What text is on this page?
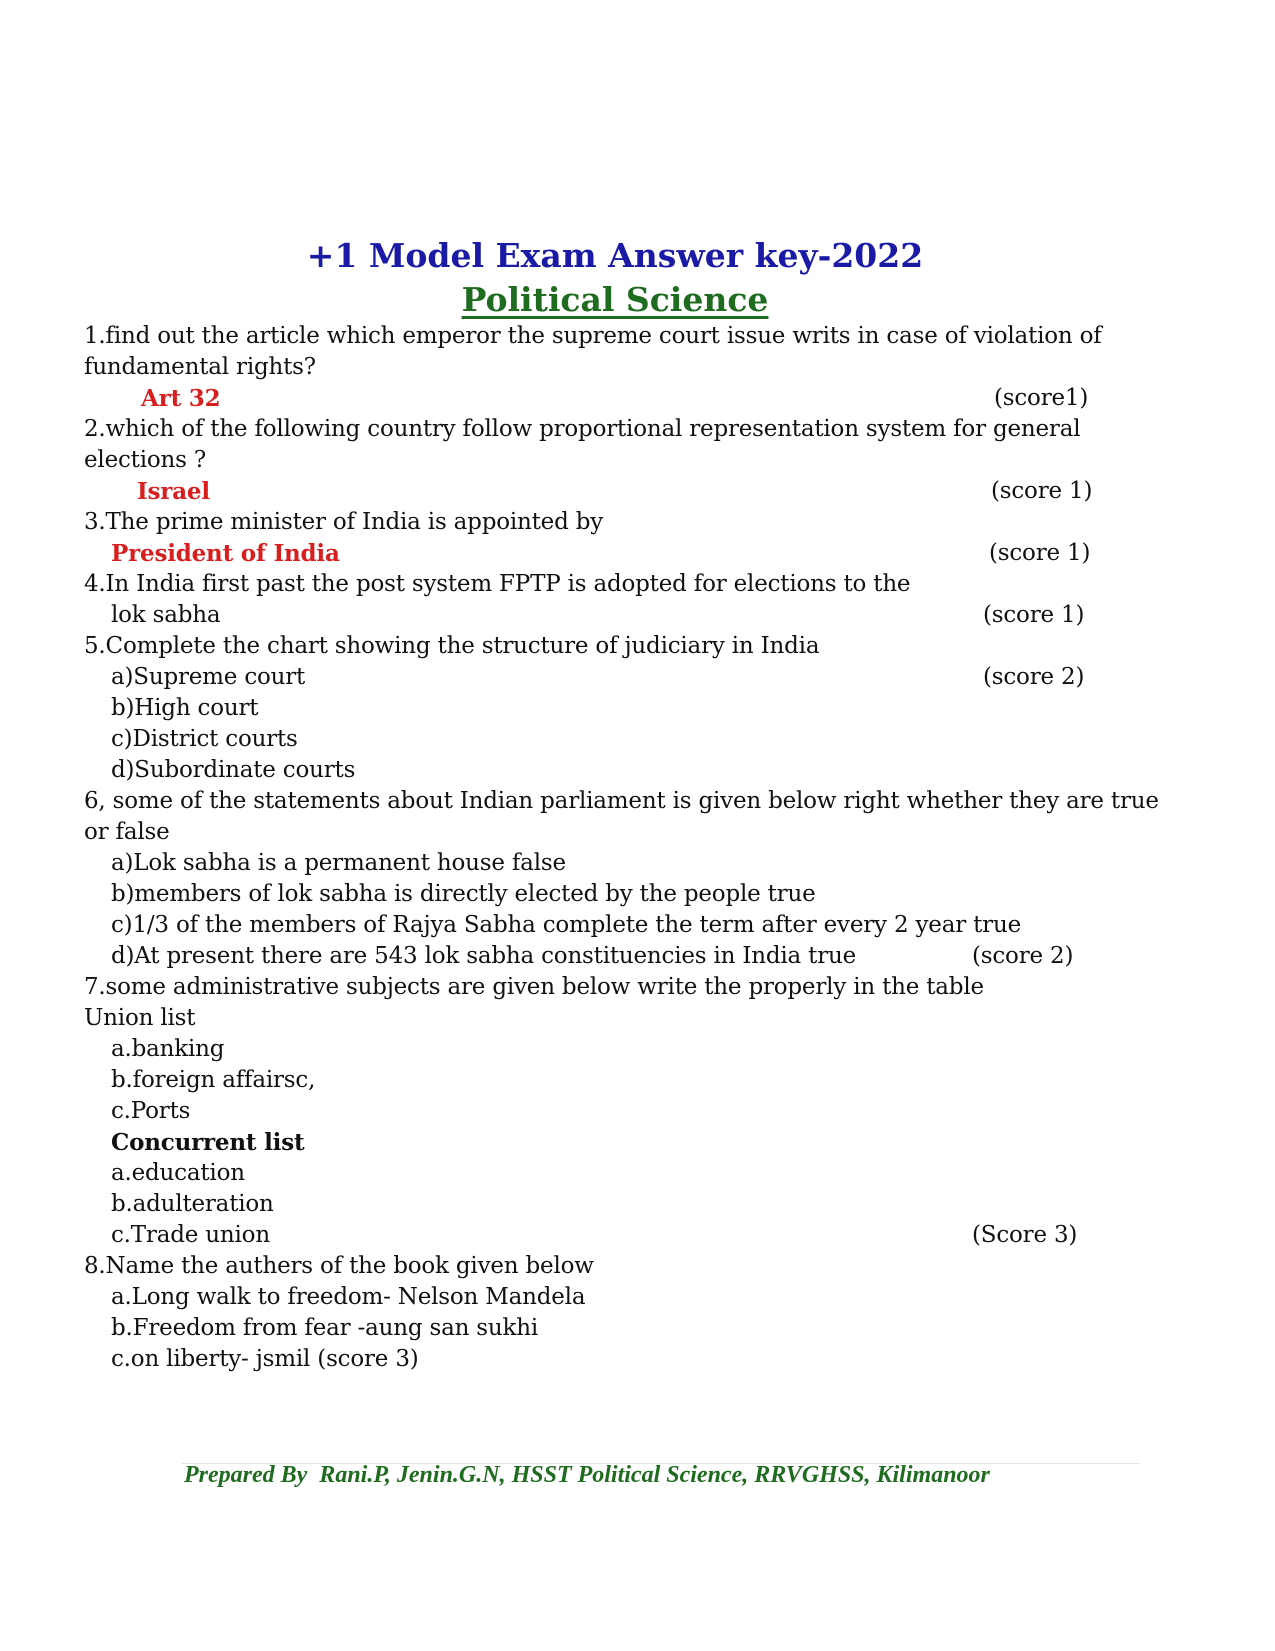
+1 Model Exam Answer key-2022
Political Science
1.find out the article which emperor the supreme court issue writs in case of violation of
fundamental rights?
Art 32	(score1)
2.which of the following country follow proportional representation system for general
elections ?
Israel	(score 1)
3.The prime minister of India is appointed by
President of India	(score 1)
4.In India first past the post system FPTP is adopted for elections to the
lok sabha	(score 1)
5.Complete the chart showing the structure of judiciary in India
a)Supreme court	(score 2)
b)High court
c)District courts
d)Subordinate courts
6, some of the statements about Indian parliament is given below right whether they are true
or false
a)Lok sabha is a permanent house false
b)members of lok sabha is directly elected by the people true
c)1/3 of the members of Rajya Sabha complete the term after every 2 year true
d)At present there are 543 lok sabha constituencies in India true	(score 2)
7.some administrative subjects are given below write the properly in the table
Union list
a.banking
b.foreign affairsc,
c.Ports
Concurrent list
a.education
b.adulteration
c.Trade union	(Score 3)
8.Name the authers of the book given below
a.Long walk to freedom- Nelson Mandela
b.Freedom from fear -aung san sukhi
c.on liberty- jsmil (score 3)
Prepared By  Rani.P, Jenin.G.N, HSST Political Science, RRVGHSS, Kilimanoor
